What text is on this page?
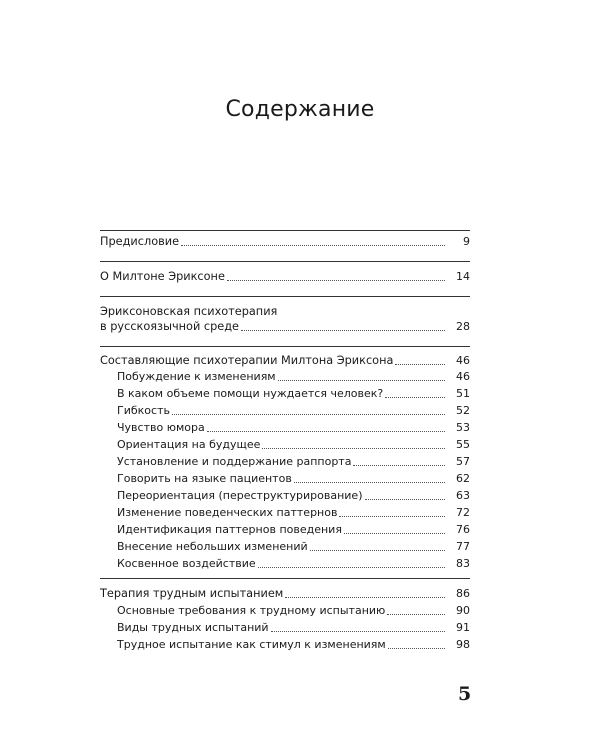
Содержание
Предисловие	9
О Милтоне Эриксоне	14
Эриксоновская психотерапия
в русскоязычной среде	28
Составляющие психотерапии Милтона Эриксона	46
Побуждение к изменениям	46
В каком объеме помощи нуждается человек?	51
Гибкость	52
Чувство юмора	53
Ориентация на будущее	55
Установление и поддержание раппорта	57
Говорить на языке пациентов	62
Переориентация (переструктурирование)	63
Изменение поведенческих паттернов	72
Идентификация паттернов поведения	76
Внесение небольших изменений	77
Косвенное воздействие	83
Терапия трудным испытанием	86
Основные требования к трудному испытанию	90
Виды трудных испытаний	91
Трудное испытание как стимул к изменениям	98
5
